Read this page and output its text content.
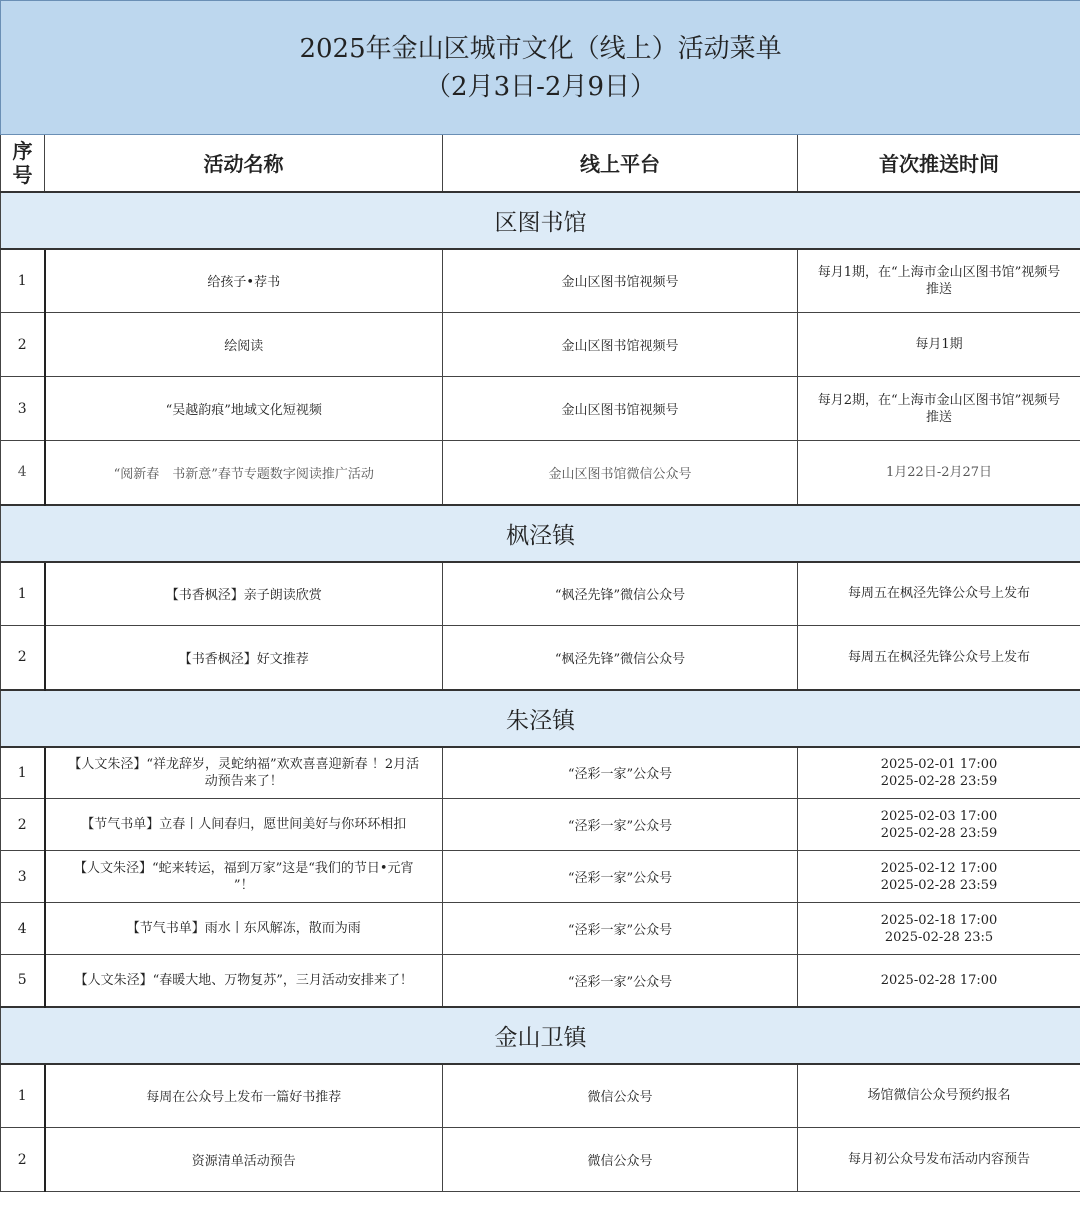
2025年金山区城市文化（线上）活动菜单
（2月3日-2月9日）			

序
号	活动名称	线上平台	首次推送时间
区图书馆			
1	给孩子•荐书	金山区图书馆视频号	每月1期，在“上海市金山区图书馆”视频号
推送

2	绘阅读	金山区图书馆视频号	每月1期

3	“吴越韵痕”地域文化短视频	金山区图书馆视频号	每月2期，在“上海市金山区图书馆”视频号
推送

4	“阅新春　书新意”春节专题数字阅读推广活动	金山区图书馆微信公众号	1月22日-2月27日

枫泾镇			
1	【书香枫泾】亲子朗读欣赏	“枫泾先锋”微信公众号	每周五在枫泾先锋公众号上发布

2	【书香枫泾】好文推荐	“枫泾先锋”微信公众号	每周五在枫泾先锋公众号上发布

朱泾镇			
1	【人文朱泾】“祥龙辞岁，灵蛇纳福”欢欢喜喜迎新春 ！2月活
动预告来了！	“泾彩一家”公众号	2025-02-01 17:00
2025-02-28 23:59

2	【节气书单】立春丨人间春归，愿世间美好与你环环相扣	“泾彩一家”公众号	2025-02-03 17:00
2025-02-28 23:59

3	【人文朱泾】“蛇来转运，福到万家”这是“我们的节日•元宵
”！	“泾彩一家”公众号	2025-02-12 17:00
2025-02-28 23:59

4	【节气书单】雨水丨东风解冻，散而为雨	“泾彩一家”公众号	2025-02-18 17:00
2025-02-28 23:5

5	【人文朱泾】“春暖大地、万物复苏”，三月活动安排来了！	“泾彩一家”公众号	2025-02-28 17:00

金山卫镇			
1	每周在公众号上发布一篇好书推荐	微信公众号	场馆微信公众号预约报名

2	资源清单活动预告	微信公众号	每月初公众号发布活动内容预告
